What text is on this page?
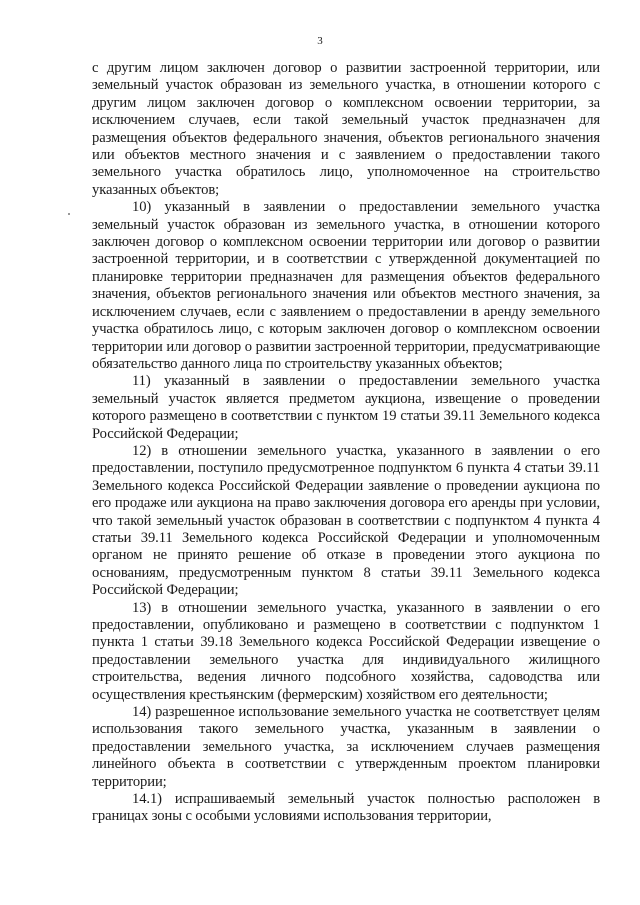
3

с другим лицом заключен договор о развитии застроенной территории, или земельный участок образован из земельного участка, в отношении которого с другим лицом заключен договор о комплексном освоении территории, за исключением случаев, если такой земельный участок предназначен для размещения объектов федерального значения, объектов регионального значения или объектов местного значения и с заявлением о предоставлении такого земельного участка обратилось лицо, уполномоченное на строительство указанных объектов;

10) указанный в заявлении о предоставлении земельного участка земельный участок образован из земельного участка, в отношении которого заключен договор о комплексном освоении территории или договор о развитии застроенной территории, и в соответствии с утвержденной документацией по планировке территории предназначен для размещения объектов федерального значения, объектов регионального значения или объектов местного значения, за исключением случаев, если с заявлением о предоставлении в аренду земельного участка обратилось лицо, с которым заключен договор о комплексном освоении территории или договор о развитии застроенной территории, предусматривающие обязательство данного лица по строительству указанных объектов;

11) указанный в заявлении о предоставлении земельного участка земельный участок является предметом аукциона, извещение о проведении которого размещено в соответствии с пунктом 19 статьи 39.11 Земельного кодекса Российской Федерации;

12) в отношении земельного участка, указанного в заявлении о его предоставлении, поступило предусмотренное подпунктом 6 пункта 4 статьи 39.11 Земельного кодекса Российской Федерации заявление о проведении аукциона по его продаже или аукциона на право заключения договора его аренды при условии, что такой земельный участок образован в соответствии с подпунктом 4 пункта 4 статьи 39.11 Земельного кодекса Российской Федерации и уполномоченным органом не принято решение об отказе в проведении этого аукциона по основаниям, предусмотренным пунктом 8 статьи 39.11 Земельного кодекса Российской Федерации;

13) в отношении земельного участка, указанного в заявлении о его предоставлении, опубликовано и размещено в соответствии с подпунктом 1 пункта 1 статьи 39.18 Земельного кодекса Российской Федерации извещение о предоставлении земельного участка для индивидуального жилищного строительства, ведения личного подсобного хозяйства, садоводства или осуществления крестьянским (фермерским) хозяйством его деятельности;

14) разрешенное использование земельного участка не соответствует целям использования такого земельного участка, указанным в заявлении о предоставлении земельного участка, за исключением случаев размещения линейного объекта в соответствии с утвержденным проектом планировки территории;

14.1) испрашиваемый земельный участок полностью расположен в границах зоны с особыми условиями использования территории,
